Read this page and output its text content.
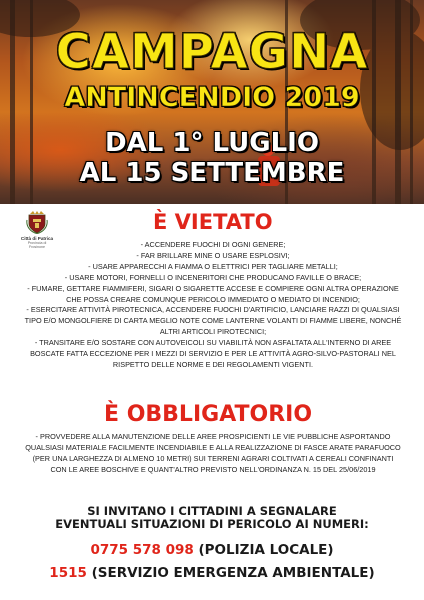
CAMPAGNA
ANTINCENDIO 2019
DAL 1° LUGLIO
AL 15 SETTEMBRE
Città di Patrica
Provincia di Frosinone
È VIETATO
- ACCENDERE FUOCHI DI OGNI GENERE;
- FAR BRILLARE MINE O USARE ESPLOSIVI;
- USARE APPARECCHI A FIAMMA O ELETTRICI PER TAGLIARE METALLI;
- USARE MOTORI, FORNELLI O INCENERITORI CHE PRODUCANO FAVILLE O BRACE;
- FUMARE, GETTARE FIAMMIFERI, SIGARI O SIGARETTE ACCESE E COMPIERE OGNI ALTRA OPERAZIONE CHE POSSA CREARE COMUNQUE PERICOLO IMMEDIATO O MEDIATO DI INCENDIO;
- ESERCITARE ATTIVITÀ PIROTECNICA, ACCENDERE FUOCHI D'ARTIFICIO, LANCIARE RAZZI DI QUALSIASI TIPO E/O MONGOLFIERE DI CARTA MEGLIO NOTE COME LANTERNE VOLANTI DI FIAMME LIBERE, NONCHÉ ALTRI ARTICOLI PIROTECNICI;
- TRANSITARE E/O SOSTARE CON AUTOVEICOLI SU VIABILITÀ NON ASFALTATA ALL'INTERNO DI AREE BOSCATE FATTA ECCEZIONE PER I MEZZI DI SERVIZIO E PER LE ATTIVITÀ AGRO-SILVO-PASTORALI NEL RISPETTO DELLE NORME E DEI REGOLAMENTI VIGENTI.
È OBBLIGATORIO
- PROVVEDERE ALLA MANUTENZIONE DELLE AREE PROSPICIENTI LE VIE PUBBLICHE ASPORTANDO QUALSIASI MATERIALE FACILMENTE INCENDIABILE E ALLA REALIZZAZIONE DI FASCE ARATE PARAFUOCO (PER UNA LARGHEZZA DI ALMENO 10 METRI) SUI TERRENI AGRARI COLTIVATI A CEREALI CONFINANTI CON LE AREE BOSCHIVE E QUANT'ALTRO PREVISTO NELL'ORDINANZA N. 15 DEL 25/06/2019
SI INVITANO I CITTADINI A SEGNALARE
EVENTUALI SITUAZIONI DI PERICOLO AI NUMERI:
0775 578 098 (POLIZIA LOCALE)
1515 (SERVIZIO EMERGENZA AMBIENTALE)
